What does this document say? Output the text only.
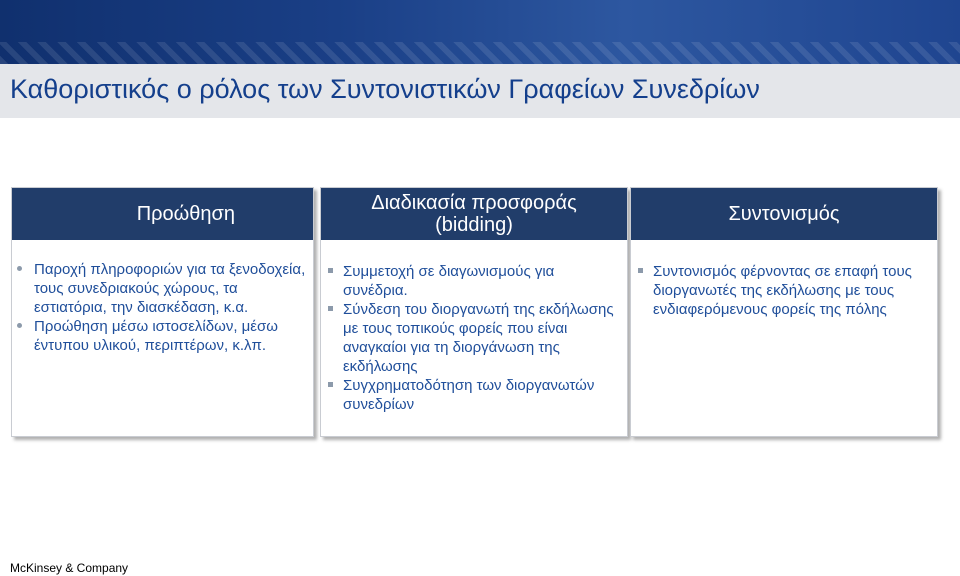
Καθοριστικός ο ρόλος των Συντονιστικών Γραφείων Συνεδρίων
Προώθηση
Παροχή πληροφοριών για τα ξενοδοχεία, τους συνεδριακούς χώρους, τα εστιατόρια, την διασκέδαση, κ.α.
Προώθηση μέσω ιστοσελίδων, μέσω έντυπου υλικού, περιπτέρων, κ.λπ.
Διαδικασία προσφοράς
(bidding)
Συμμετοχή σε διαγωνισμούς για συνέδρια.
Σύνδεση του διοργανωτή της εκδήλωσης με τους τοπικούς φορείς που είναι αναγκαίοι για τη διοργάνωση της εκδήλωσης
Συγχρηματοδότηση των διοργανωτών συνεδρίων
Συντονισμός
Συντονισμός φέρνοντας σε επαφή τους διοργανωτές της εκδήλωσης με τους ενδιαφερόμενους φορείς της πόλης
McKinsey & Company
